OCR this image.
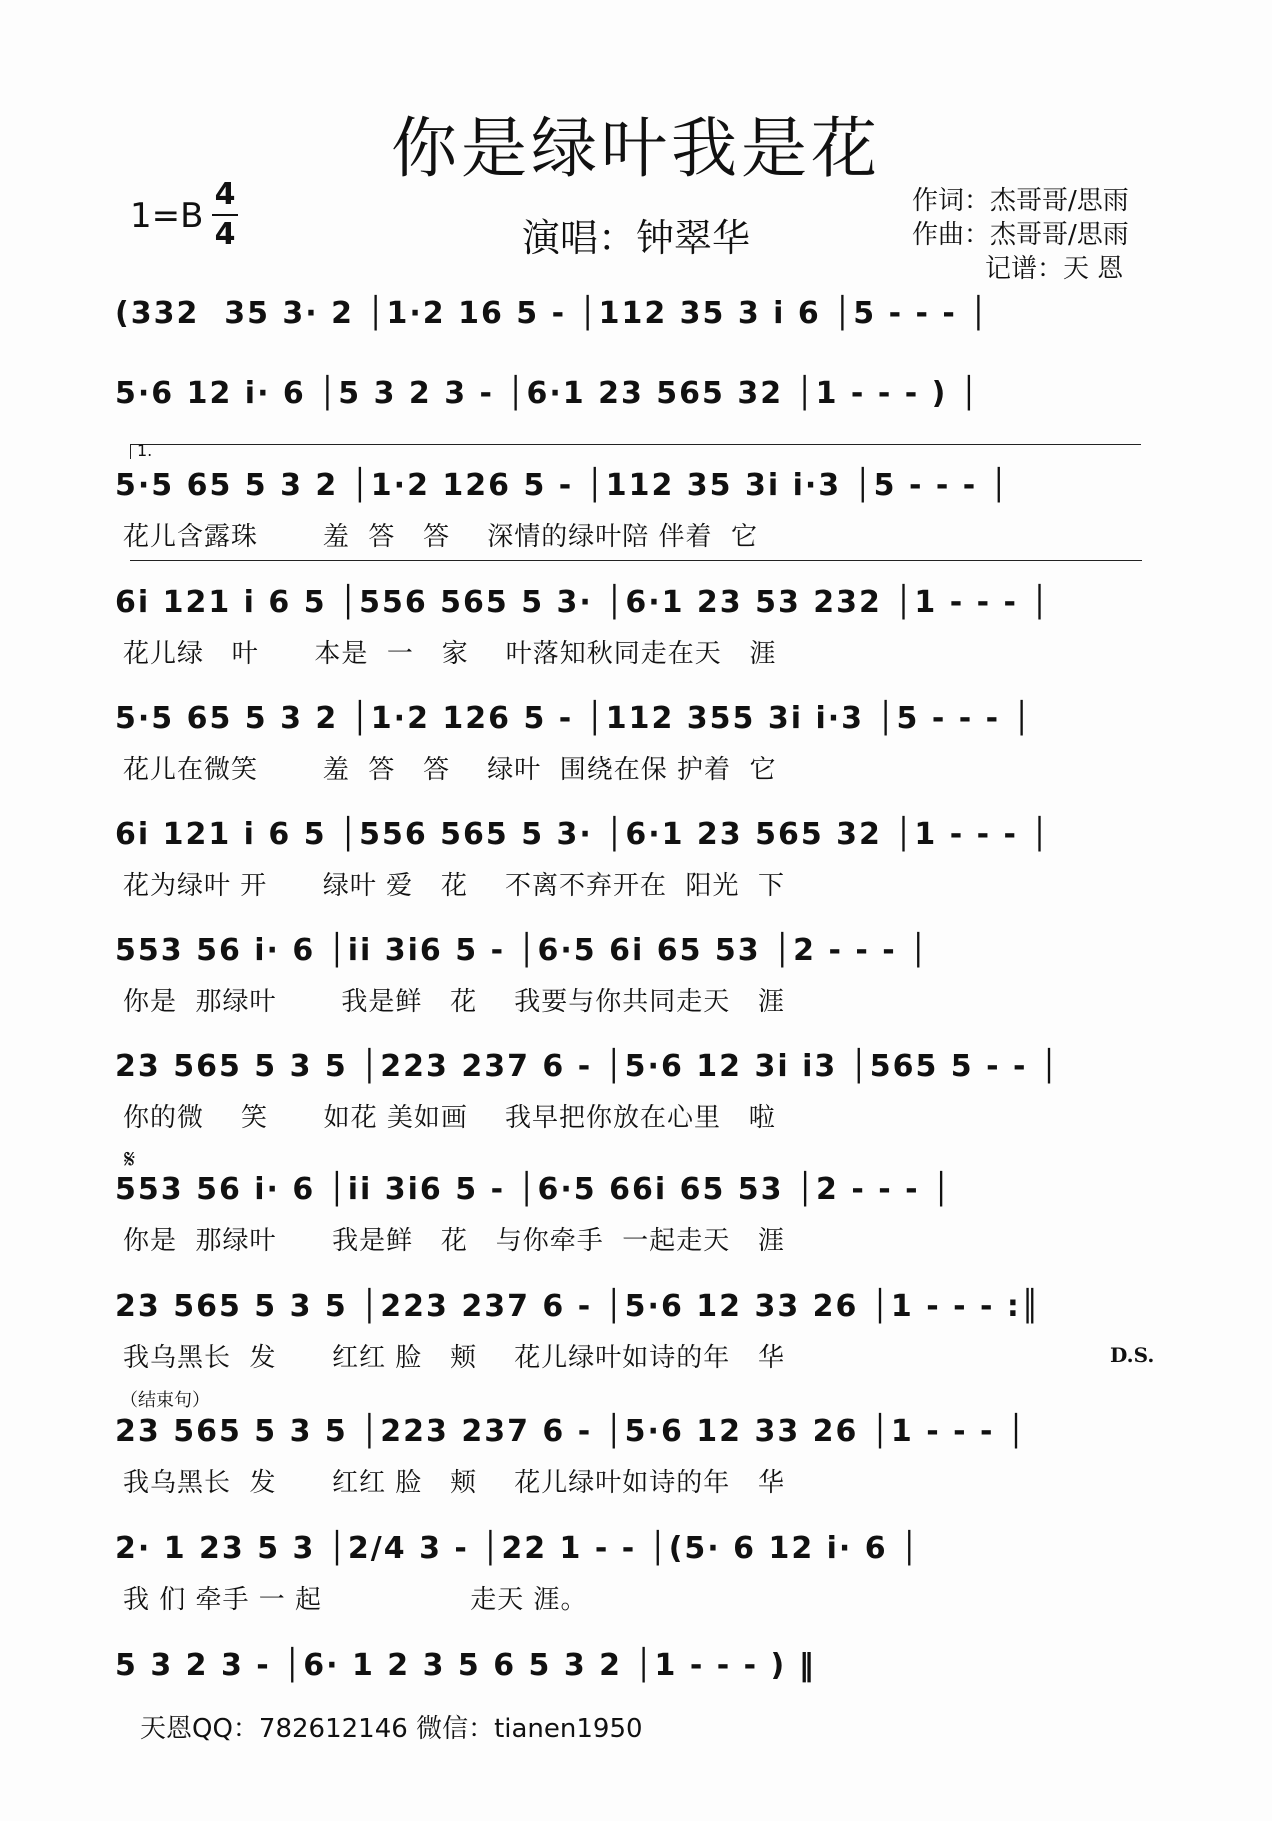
你是绿叶我是花
1=B
4
4	演唱：钟翠华
作词：杰哥哥/思雨
作曲：杰哥哥/思雨
记谱：天 恩
1.
𝄋
D.S.
（结束句）
(332  35 3· 2 │1·2 16 5 - │112 35 3 i 6 │5 - - - │
5·6 12 i· 6 │5 3 2 3 - │6·1 23 565 32 │1 - - - ) │
5·5 65 5 3 2 │1·2 126 5 - │112 35 3i i·3 │5 - - - │
花儿含露珠       羞  答   答    深情的绿叶陪 伴着  它
6i 121 i 6 5 │556 565 5 3· │6·1 23 53 232 │1 - - - │
花儿绿   叶      本是  一   家    叶落知秋同走在天   涯
5·5 65 5 3 2 │1·2 126 5 - │112 355 3i i·3 │5 - - - │
花儿在微笑       羞  答   答    绿叶  围绕在保 护着  它
6i 121 i 6 5 │556 565 5 3· │6·1 23 565 32 │1 - - - │
花为绿叶 开      绿叶 爱   花    不离不弃开在  阳光  下
553 56 i· 6 │ii 3i6 5 - │6·5 6i 65 53 │2 - - - │
你是  那绿叶       我是鲜   花    我要与你共同走天   涯
23 565 5 3 5 │223 237 6 - │5·6 12 3i i3 │565 5 - - │
你的微    笑      如花 美如画    我早把你放在心里   啦
553 56 i· 6 │ii 3i6 5 - │6·5 66i 65 53 │2 - - - │
你是  那绿叶      我是鲜   花   与你牵手  一起走天   涯
23 565 5 3 5 │223 237 6 - │5·6 12 33 26 │1 - - - :║
我乌黑长  发      红红 脸   颊    花儿绿叶如诗的年   华
23 565 5 3 5 │223 237 6 - │5·6 12 33 26 │1 - - - │
我乌黑长  发      红红 脸   颊    花儿绿叶如诗的年   华
2· 1 23 5 3 │2/4 3 - │22 1 - - │(5· 6 12 i· 6 │
我 们 牵手 一 起                走天 涯。
5 3 2 3 - │6· 1 2 3 5 6 5 3 2 │1 - - - ) ‖
天恩QQ：782612146 微信：tianen1950
